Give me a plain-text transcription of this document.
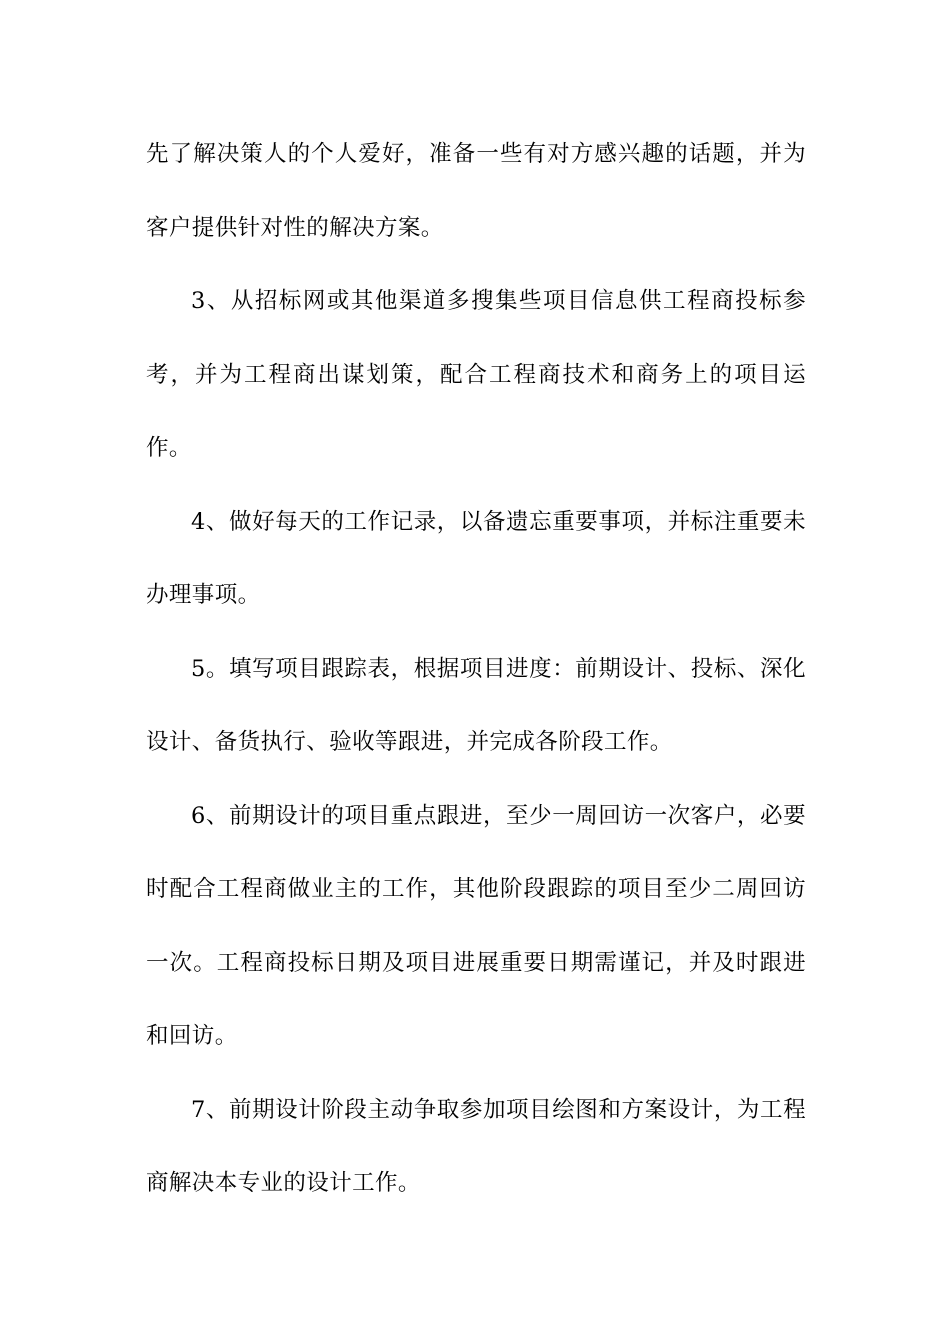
先了解决策人的个人爱好，准备一些有对方感兴趣的话题，并为客户提供针对性的解决方案。

3、从招标网或其他渠道多搜集些项目信息供工程商投标参考，并为工程商出谋划策，配合工程商技术和商务上的项目运作。

4、做好每天的工作记录，以备遗忘重要事项，并标注重要未办理事项。

5。填写项目跟踪表，根据项目进度：前期设计、投标、深化设计、备货执行、验收等跟进，并完成各阶段工作。

6、前期设计的项目重点跟进，至少一周回访一次客户，必要时配合工程商做业主的工作，其他阶段跟踪的项目至少二周回访一次。工程商投标日期及项目进展重要日期需谨记，并及时跟进和回访。

7、前期设计阶段主动争取参加项目绘图和方案设计，为工程商解决本专业的设计工作。
